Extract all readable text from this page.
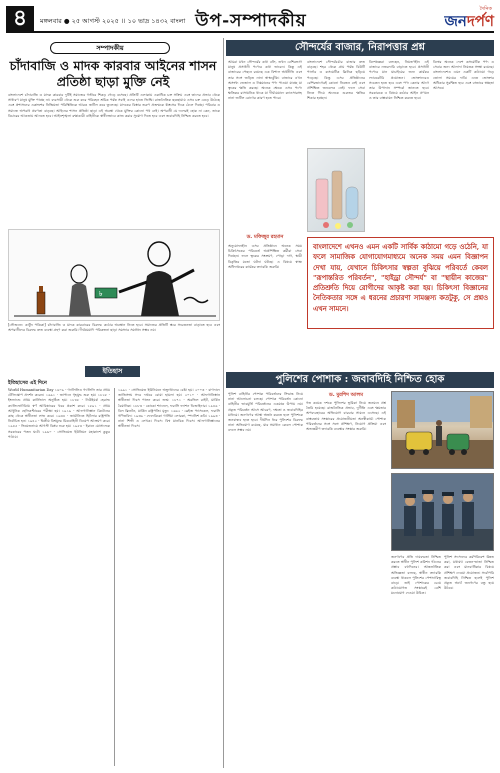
৪	মঙ্গলবার ● ২৫ আগস্ট ২০২৫ ।। ১০ ভাদ্র ১৪৩২ বাংলা উপ-সম্পাদকীয়
দৈনিক
জনদর্পণ
সম্পাদকীয়
চাঁদাবাজি ও মাদক কারবার আইনের শাসন প্রতিষ্ঠা ছাড়া মুক্তি নেই
বাংলাদেশে চাঁদাবাজি ও মাদক কারবার দুটিই সমাজের গভীরে শিকড় গেড়ে বসেছে। প্রতিটি এলাকায় একাধিক চক্র সক্রিয় এবং তাদের প্রভাব থেকে সাধারণ মানুষ মুক্তি পাচ্ছে না। ব্যবসায়ী থেকে শুরু করে পরিবহন শ্রমিক পর্যন্ত সবাই এদের হাতে জিম্মি। রাজনৈতিক ছত্রছায়ায় এসব চক্র বেড়ে উঠেছে এবং প্রশাসনের একাংশের নিষ্ক্রিয়তা পরিস্থিতিকে আরও জটিল করে তুলেছে। মাদকের বিস্তার তরুণ প্রজন্মকে ধ্বংসের দিকে ঠেলে দিচ্ছে। পরিবার ও সমাজে অপরাধ প্রবণতা বাড়ছে। আইনের শাসন প্রতিষ্ঠা ছাড়া এই অবস্থা থেকে মুক্তির কোনো পথ নেই। অপরাধী যে দলেরই হোক না কেন, তাকে বিচারের আওতায় আনতে হবে। আইনশৃঙ্খলা রক্ষাকারী বাহিনীকে স্বাধীনভাবে কাজ করার সুযোগ দিতে হবে এবং জবাবদিহি নিশ্চিত করতে হবে।
৳
[সৌজন্যে: কার্টুন পত্রিকা] চাঁদাবাজি ও মাদক কারবারের বিরুদ্ধে কঠোর অবস্থান নিতে হবে। সমাজের প্রতিটি স্তরে সচেতনতা বাড়াতে হবে এবং অপরাধীদের বিরুদ্ধে দ্রুত ব্যবস্থা গ্রহণ করা জরুরি। দীর্ঘমেয়াদি পরিকল্পনা ছাড়া সমস্যার সমাধান সম্ভব নয়।
ইতিহাস
ইতিহাসের এই দিনে
World Humanitarian Day ১৬০৯ - গ্যালিলিও গ্যালিলি তার প্রথম টেলিস্কোপ প্রদর্শন করেন। ১৬৯১ - জাপানে গৃহযুদ্ধ শুরু হয়। ১৮২৮ - ইংল্যান্ডে প্রথম কার্নিভাল অনুষ্ঠিত হয়। ১৮৪৮ - নিউইয়র্ক হেরাল্ড ক্যালিফোর্নিয়ায় স্বর্ণ আবিষ্কারের খবর প্রকাশ করে। ১৮৯১ - প্রথম আধুনিক হেলিকপ্টারের পরীক্ষা হয়। ১৯১৯ - আফগানিস্তান ব্রিটেনের কাছ থেকে স্বাধীনতা লাভ করে। ১৯৩৪ - জার্মানিতে হিটলার রাষ্ট্রপতি নির্বাচিত হন। ১৯৪২ - দ্বিতীয় বিশ্বযুদ্ধে মিত্রবাহিনী ডিয়েপ আক্রমণ করে। ১৯৪৫ - ভিয়েতনামে আগস্ট বিপ্লব শুরু হয়। ১৯৫৩ - ইরানে মোসাদ্দেক সরকারের পতন ঘটে। ১৯৬০ - সোভিয়েত ইউনিয়ন মহাকাশে কুকুর পাঠায়।
১৯৯১ - সোভিয়েত ইউনিয়নে অভ্যুত্থানের চেষ্টা হয়। ২০০৩ - বাগদাদে জাতিসংঘ সদর দপ্তরে বোমা হামলা হয়। ২০১০ - আফগানিস্তান স্বাধীনতা দিবস পালন করে। জন্ম: ১৮৭১ - অরভিল রাইট, মার্কিন বৈমানিক। ১৮৮৩ - কোকো শ্যানেল, ফরাসি ফ্যাশন ডিজাইনার। ১৯৪৬ - বিল ক্লিনটন, মার্কিন রাষ্ট্রপতি। মৃত্যু: ১৬৬২ - ব্লেইজ প্যাসকেল, ফরাসি গণিতবিদ। ১৯৩৬ - ফেদেরিকো গার্সিয়া লোরকা, স্প্যানিশ কবি। ১৯৯৩ - নানা শিল্পী ও লেখক। দিবস: বিশ্ব মানবিক দিবস। আফগানিস্তানের স্বাধীনতা দিবস।
সৌন্দর্যের বাজার, নিরাপত্তার প্রশ্ন
আমরা যখন সৌন্দর্যের কথা বলি, তখন বেশিরভাগ মানুষ প্রসাধনী পণ্যের কথা ভাবেন। কিন্তু এই বাজারের পেছনে রয়েছে এক বিশাল অর্থনীতি এবং তার সঙ্গে জড়িত নানা স্বাস্থ্যঝুঁকি। বাজারে এখন অসংখ্য ভেজাল ও নিম্নমানের পণ্য পাওয়া যাচ্ছে যা ত্বকের ক্ষতি করছে। অনেক ক্ষেত্রে এসব পণ্যে ক্ষতিকর রাসায়নিক থাকে যা দীর্ঘমেয়াদে ক্যানসারসহ নানা জটিল রোগের কারণ হতে পারে।
ড. মফিজুর রহমান
অনুমোদনহীন এসব প্রতিষ্ঠানে অনেক সময় চিকিৎসকের পরিবর্তে অপ্রশিক্ষিত কর্মীরা সেবা দিচ্ছেন। ফলে ত্বকের সংক্রমণ, পোড়া দাগ, স্থায়ী বিকৃতির মতো ঘটনা ঘটছে। এ বিষয়ে স্বাস্থ্য অধিদপ্তরের কার্যকর তদারকি জরুরি।
বাংলাদেশে সৌন্দর্যচর্চার বাজার দ্রুত বাড়ছে। শহর থেকে গ্রাম পর্যন্ত বিউটি পার্লার ও কসমেটিক ক্লিনিক ছড়িয়ে পড়েছে। কিন্তু এসব প্রতিষ্ঠানের বেশিরভাগেরই কোনো নিবন্ধন নেই এবং প্রশিক্ষিত জনবলও নেই। ফলে সেবা নিতে গিয়ে অনেকে গুরুতর ক্ষতির শিকার হচ্ছেন।
বিশেষজ্ঞরা বলছেন, নিয়ন্ত্রণহীন এই বাজারে নজরদারি বাড়াতে হবে। প্রসাধনী পণ্যের মান যাচাইয়ের জন্য কার্যকর ল্যাবরেটরি প্রয়োজন। ভোক্তাদেরও সচেতন হতে হবে এবং পণ্য কেনার আগে তার উপাদান সম্পর্কে জানতে হবে। সরকারকে এ বিষয়ে কঠোর আইন প্রণয়ন ও তার বাস্তবায়ন নিশ্চিত করতে হবে।
বিশ্বের অনেক দেশে কসমেটিক পণ্য ও সেবার জন্য আলাদা নিয়ন্ত্রক সংস্থা রয়েছে। বাংলাদেশেও এমন একটি কাঠামো গড়ে তোলা সময়ের দাবি। এতে ভোক্তার অধিকার সুরক্ষিত হবে এবং বাজারে স্বচ্ছতা আসবে।
বাংলাদেশে এখনও এমন একটি সার্বিক কাঠামো গড়ে ওঠেনি, যা ফলে সামাজিক যোগাযোগমাধ্যমে অনেক সময় এমন বিজ্ঞাপন দেখা যায়, যেখানে চিকিৎসার স্বল্পতা বুঝিয়ে পরিবর্তে কেবল "রূপান্তরিত পরিবর্তন", "হাইড্রা সৌন্দর্য" বা "স্থায়ীন কাজের" প্রতিশ্রুতি দিয়ে রোগীদের আকৃষ্ট করা হয়। চিকিৎসা বিজ্ঞানের নৈতিকতার সঙ্গে এ ধরনের প্রচারণা সামঞ্জস্য কতটুকু, সে প্রশ্নও এখন সামনে।
পুলিশের পোশাক : জবাবদিহি নিশ্চিত হোক
পুলিশ বাহিনীর পোশাক পরিবর্তনের সিদ্ধান্ত নিয়ে নানা আলোচনা চলছে। পোশাক পরিবর্তন কোনো বাহিনীর ভাবমূর্তি পরিবর্তনের একমাত্র উপায় নয়। প্রকৃত পরিবর্তন আসে আচরণ, দক্ষতা ও জবাবদিহির মাধ্যমে। জনগণের আস্থা অর্জন করতে হলে পুলিশকে জনবান্ধব হতে হবে। দীর্ঘদিন ধরে পুলিশের বিরুদ্ধে নানা অভিযোগ রয়েছে, যার সমাধান কেবল পোশাক বদলে সম্ভব নয়।
ড. মুরশিদ আলম
গত কয়েক দশকে পুলিশের ভূমিকা নিয়ে জনমনে প্রশ্ন তৈরি হয়েছে। রাজনৈতিক প্রভাব, দুর্নীতি এবং ক্ষমতার অপব্যবহারের অভিযোগ বারবার সামনে এসেছে। এই বাস্তবতায় সংস্কারের প্রয়োজনীয়তা অনস্বীকার্য। পোশাক পরিবর্তনের সঙ্গে সঙ্গে প্রশিক্ষণ, নিয়োগ প্রক্রিয়া এবং অভ্যন্তরীণ তদারকি ব্যবস্থার সংস্কার জরুরি।
জনগণের প্রতি দায়বদ্ধতা নিশ্চিত করতে স্বাধীন পুলিশ কমিশন গঠনের প্রস্তাব বহুদিনের। আন্তর্জাতিক অভিজ্ঞতা বলছে, স্বাধীন তদারকি ব্যবস্থা থাকলে পুলিশের পেশাদারিত্ব বাড়ে। তাই পোশাকের চেয়ে কাঠামোগত সংস্কারেই বেশি মনোযোগ দেওয়া উচিত।
পুলিশ সদস্যদের কর্মপরিবেশ উন্নত করা, যথাযথ বেতন-ভাতা নিশ্চিত করা এবং মানবাধিকার বিষয়ে প্রশিক্ষণ দেওয়া প্রয়োজন। সর্বোপরি জবাবদিহি নিশ্চিত হলেই পুলিশ প্রকৃত অর্থে জনগণের বন্ধু হয়ে উঠবে।
